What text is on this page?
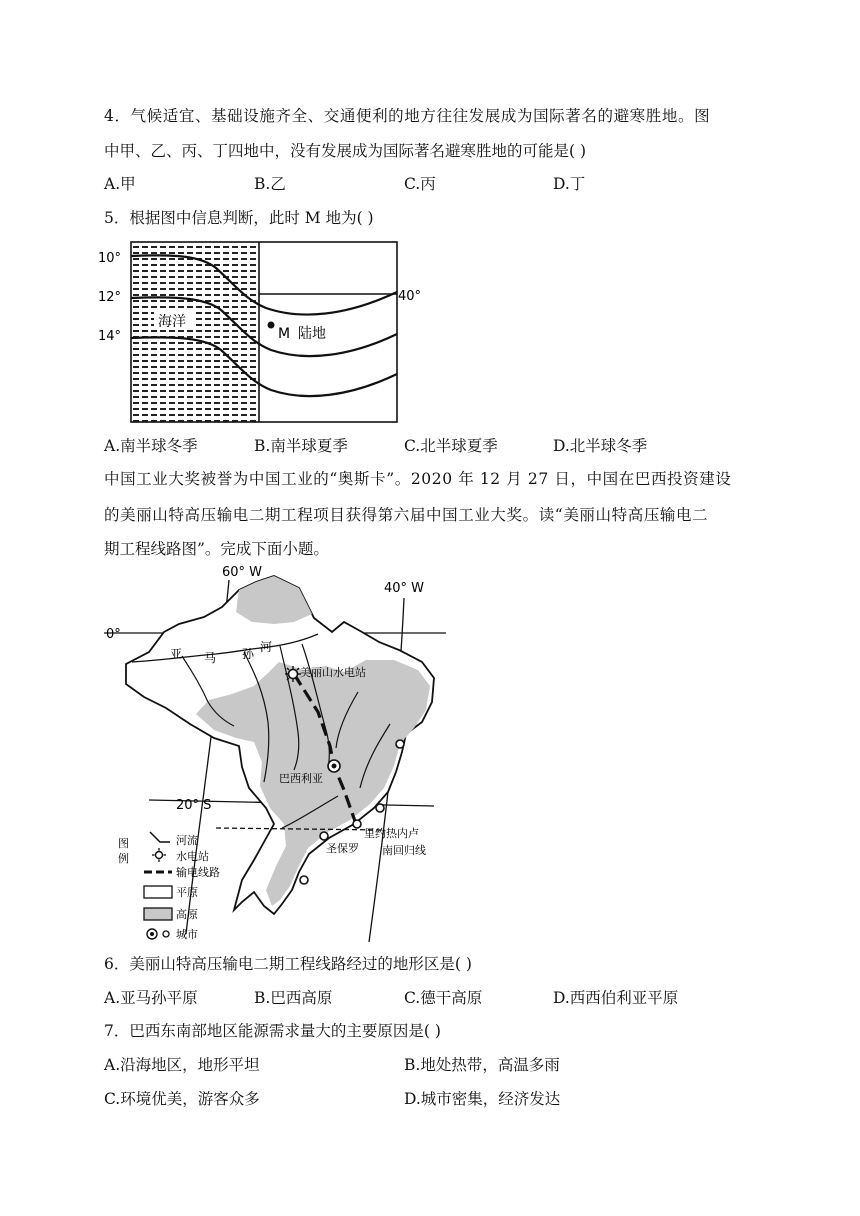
4．气候适宜、基础设施齐全、交通便利的地方往往发展成为国际著名的避寒胜地。图
中甲、乙、丙、丁四地中，没有发展成为国际著名避寒胜地的可能是( )
A.甲	B.乙	C.丙	D.丁
5．根据图中信息判断，此时 M 地为( )
10°
12°
14°
40°
海洋
M 陆地
A.南半球冬季	B.南半球夏季	C.北半球夏季	D.北半球冬季
中国工业大奖被誉为中国工业的“奥斯卡”。2020 年 12 月 27 日，中国在巴西投资建设
的美丽山特高压输电二期工程项目获得第六届中国工业大奖。读“美丽山特高压输电二
期工程线路图”。完成下面小题。
60° W
40° W
0°
20° S
亚 马 孙 河
美丽山水电站
巴西利亚
里约热内卢
圣保罗 南回归线
图
例
河流
水电站
输电线路
平原
高原
城市
6．美丽山特高压输电二期工程线路经过的地形区是( )
A.亚马孙平原	B.巴西高原	C.德干高原	D.西西伯利亚平原
7．巴西东南部地区能源需求量大的主要原因是( )
A.沿海地区，地形平坦	B.地处热带，高温多雨
C.环境优美，游客众多	D.城市密集，经济发达
